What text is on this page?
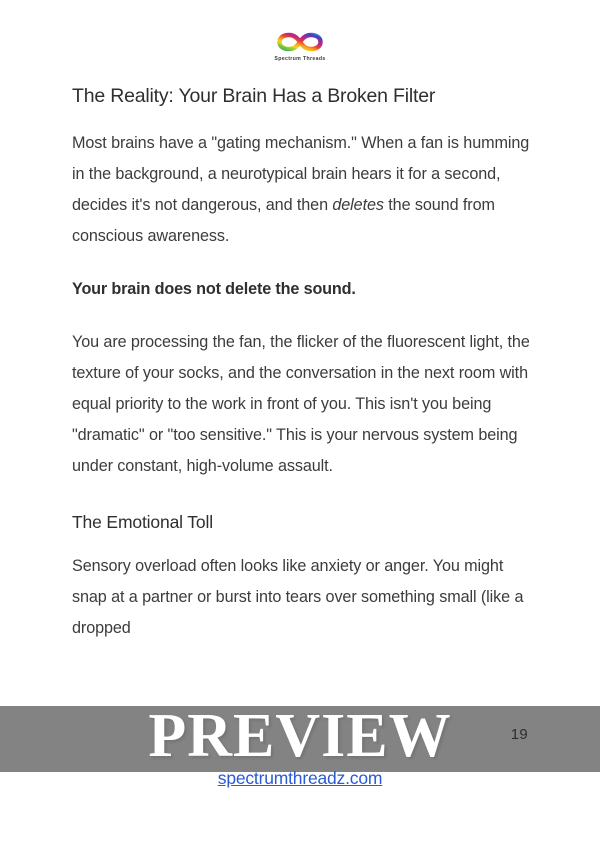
Spectrum Threads
The Reality: Your Brain Has a Broken Filter

Most brains have a "gating mechanism." When a fan is humming in the background, a neurotypical brain hears it for a second, decides it's not dangerous, and then deletes the sound from conscious awareness.

Your brain does not delete the sound.

You are processing the fan, the flicker of the fluorescent light, the texture of your socks, and the conversation in the next room with equal priority to the work in front of you. This isn't you being "dramatic" or "too sensitive." This is your nervous system being under constant, high-volume assault.

The Emotional Toll

Sensory overload often looks like anxiety or anger. You might snap at a partner or burst into tears over something small (like a dropped

19
PREVIEW
spectrumthreadz.com
